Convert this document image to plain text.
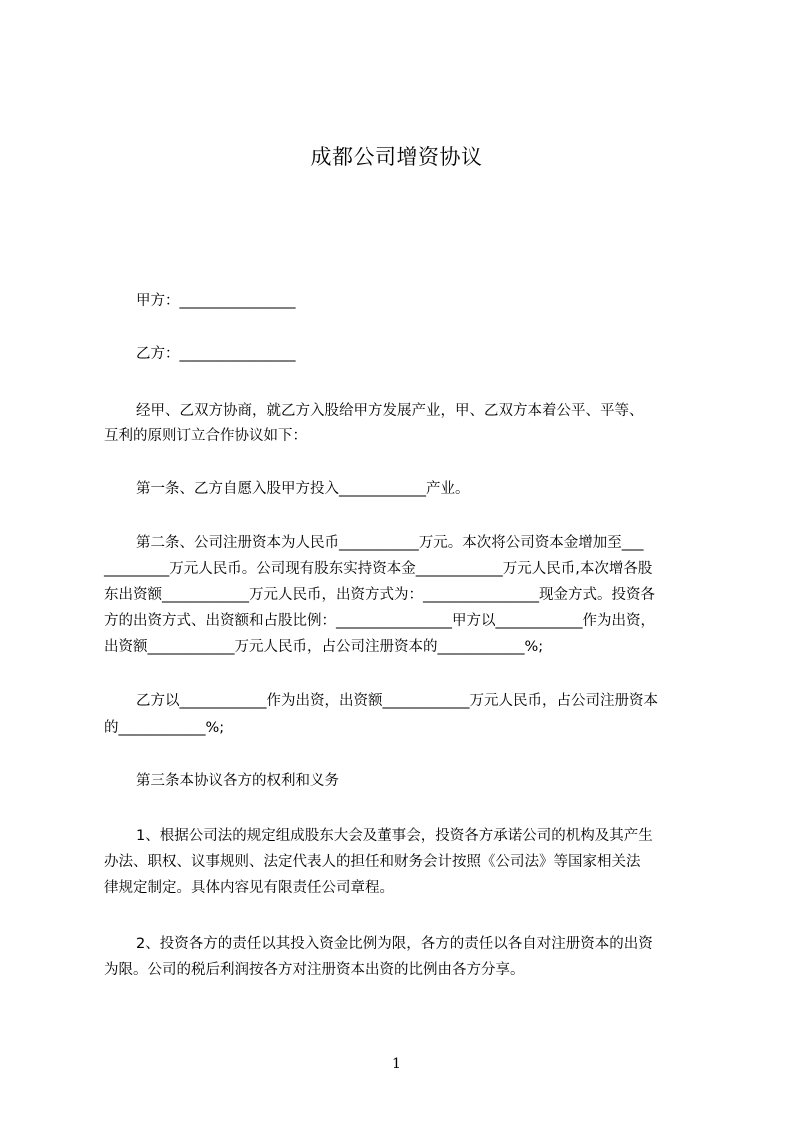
成都公司增资协议
甲方：________________
乙方：________________
经甲、乙双方协商，就乙方入股给甲方发展产业，甲、乙双方本着公平、平等、
互利的原则订立合作协议如下：
第一条、乙方自愿入股甲方投入____________产业。
第二条、公司注册资本为人民币___________万元。本次将公司资本金增加至___
_________万元人民币。公司现有股东实持资本金____________万元人民币,本次增各股
东出资额____________万元人民币，出资方式为：________________现金方式。投资各
方的出资方式、出资额和占股比例：________________甲方以____________作为出资，
出资额____________万元人民币，占公司注册资本的____________%;
乙方以____________作为出资，出资额____________万元人民币，占公司注册资本
的____________%;
第三条本协议各方的权利和义务
1、根据公司法的规定组成股东大会及董事会，投资各方承诺公司的机构及其产生
办法、职权、议事规则、法定代表人的担任和财务会计按照《公司法》等国家相关法
律规定制定。具体内容见有限责任公司章程。
2、投资各方的责任以其投入资金比例为限，各方的责任以各自对注册资本的出资
为限。公司的税后利润按各方对注册资本出资的比例由各方分享。
1
